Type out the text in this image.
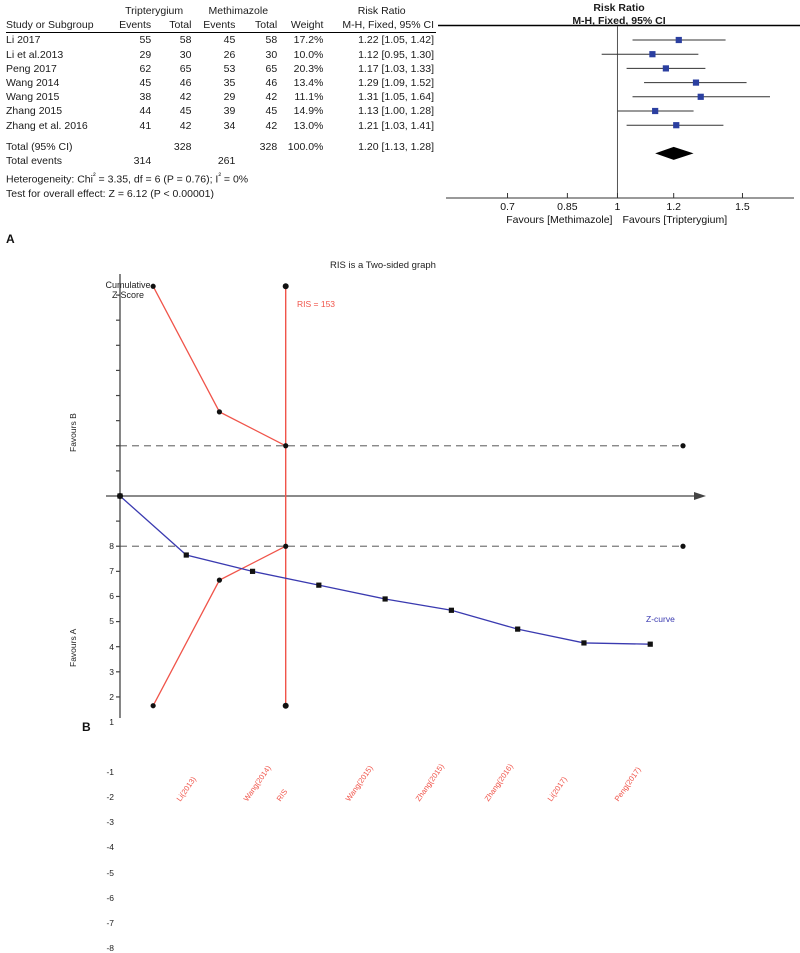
	Tripterygium		Methimazole			Risk Ratio
Study or Subgroup	Events	Total	Events	Total	Weight	M-H, Fixed, 95% CI
Li 2017	55	58	45	58	17.2%	1.22 [1.05, 1.42]
Li et al.2013	29	30	26	30	10.0%	1.12 [0.95, 1.30]
Peng 2017	62	65	53	65	20.3%	1.17 [1.03, 1.33]
Wang 2014	45	46	35	46	13.4%	1.29 [1.09, 1.52]
Wang 2015	38	42	29	42	11.1%	1.31 [1.05, 1.64]
Zhang 2015	44	45	39	45	14.9%	1.13 [1.00, 1.28]
Zhang et al. 2016	41	42	34	42	13.0%	1.21 [1.03, 1.41]

Total (95% CI)		328		328	100.0%	1.20 [1.13, 1.28]
Total events	314		261			
Heterogeneity: Chi$^{^2}$ = 3.35, df = 6 (P = 0.76); $I^{^2} = 0\%$
Test for overall effect: Z = 6.12 (P < 0.00001)
Risk Ratio
M-H, Fixed, 95% CI
0.7	0.85	1	1.2	1.5
Favours [Methimazole] Favours [Tripterygium]
A
RIS is a Two-sided graph
Cumulative
Z-Score
Favours B
Favours A
RIS = 153
Li(2013)	Wang(2014) RIS	Wang(2015)	Zhang(2015)	Zhang(2016)	Li(2017)	Peng(2017)
8
7
6
5
4
3
2
1
-1
-2
-3
-4
-5
-6
-7
-8
Z-curve
B
